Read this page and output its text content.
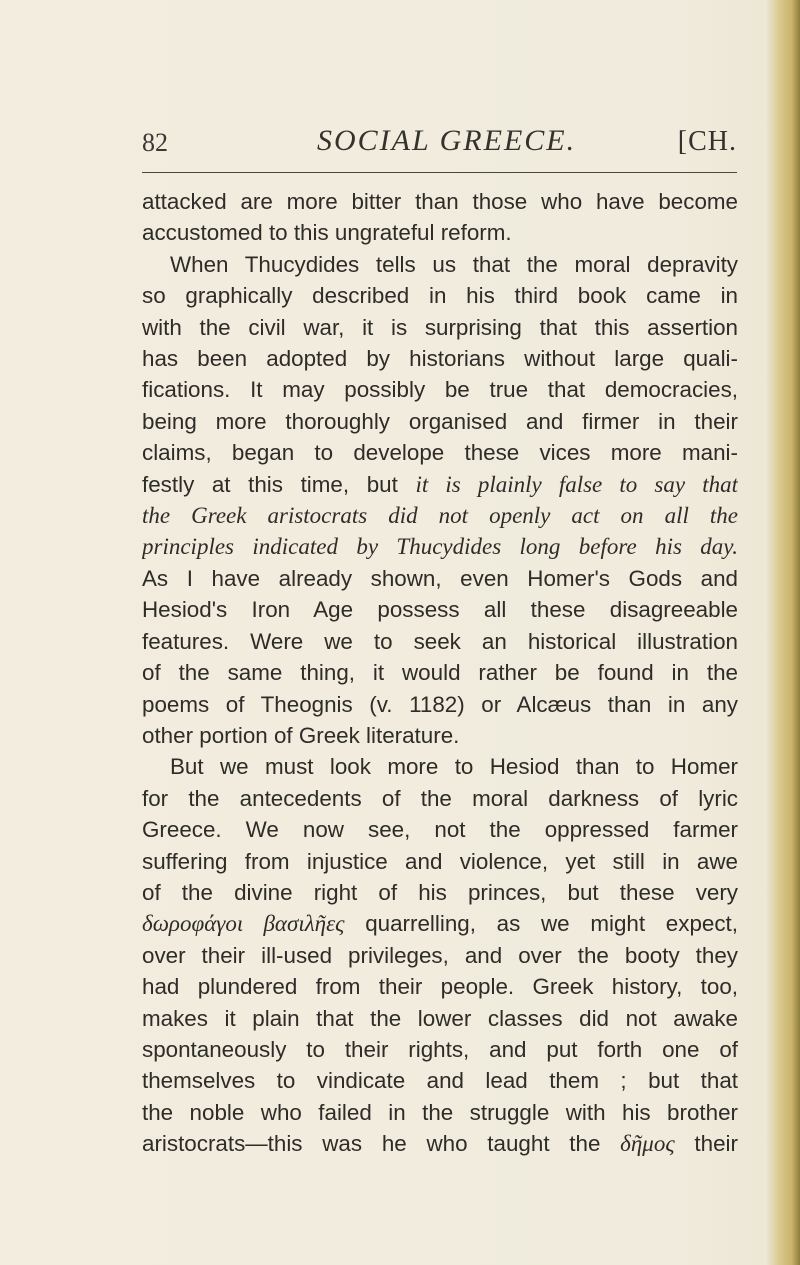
82	SOCIAL GREECE.	[CH.
attacked are more bitter than those who have become
accustomed to this ungrateful reform.
When Thucydides tells us that the moral depravity
so graphically described in his third book came in
with the civil war, it is surprising that this assertion
has been adopted by historians without large quali-
fications. It may possibly be true that democracies,
being more thoroughly organised and firmer in their
claims, began to develope these vices more mani-
festly at this time, but it is plainly false to say that
the Greek aristocrats did not openly act on all the
principles indicated by Thucydides long before his day.
As I have already shown, even Homer's Gods and
Hesiod's Iron Age possess all these disagreeable
features. Were we to seek an historical illustration
of the same thing, it would rather be found in the
poems of Theognis (v. 1182) or Alcæus than in any
other portion of Greek literature.
But we must look more to Hesiod than to Homer
for the antecedents of the moral darkness of lyric
Greece. We now see, not the oppressed farmer
suffering from injustice and violence, yet still in awe
of the divine right of his princes, but these very
δωροφάγοι βασιλῆες quarrelling, as we might expect,
over their ill-used privileges, and over the booty they
had plundered from their people. Greek history, too,
makes it plain that the lower classes did not awake
spontaneously to their rights, and put forth one of
themselves to vindicate and lead them ; but that
the noble who failed in the struggle with his brother
aristocrats—this was he who taught the δῆμος their
